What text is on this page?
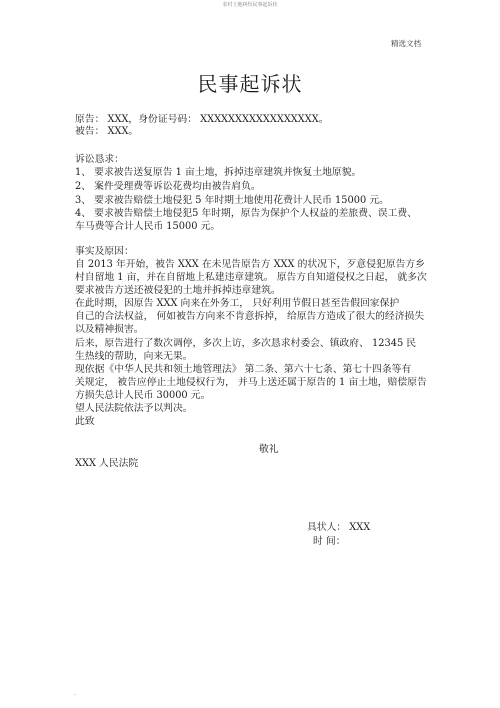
农村土地纠纷民事起诉状
精选文档
民事起诉状
原告： XXX，身份证号码： XXXXXXXXXXXXXXXXX。
被告： XXX。
诉讼恳求：
1、 要求被告送复原告 1 亩土地，拆掉违章建筑并恢复土地原貌。
2、 案件受理费等诉讼花费均由被告肩负。
3、 要求被告赔偿土地侵犯 5 年时期土地使用花费计人民币 15000 元。
4、 要求被告赔偿土地侵犯5 年时期，原告为保护个人权益的差旅费、误工费、
车马费等合计人民币 15000 元。
事实及原因：
自 2013 年开始，被告 XXX 在未见告原告方 XXX 的状况下，歹意侵犯原告方乡
村自留地 1 亩，并在自留地上私建违章建筑。 原告方自知道侵权之日起， 就多次
要求被告方送还被侵犯的土地并拆掉违章建筑。
在此时期，因原告 XXX 向来在外务工， 只好利用节假日甚至告假回家保护
自己的合法权益， 何如被告方向来不肯意拆掉， 给原告方造成了很大的经济损失
以及精神损害。
后来，原告进行了数次调停，多次上访，多次恳求村委会、镇政府、 12345 民
生热线的帮助，向来无果。
现依据《中华人民共和领土地管理法》 第二条、第六十七条、第七十四条等有
关规定， 被告应停止土地侵权行为， 并马上送还属于原告的 1 亩土地，赔偿原告
方损失总计人民币 30000 元。
望人民法院依法予以判决。
此致
敬礼
XXX 人民法院
具状人： XXX
时 间：
.
